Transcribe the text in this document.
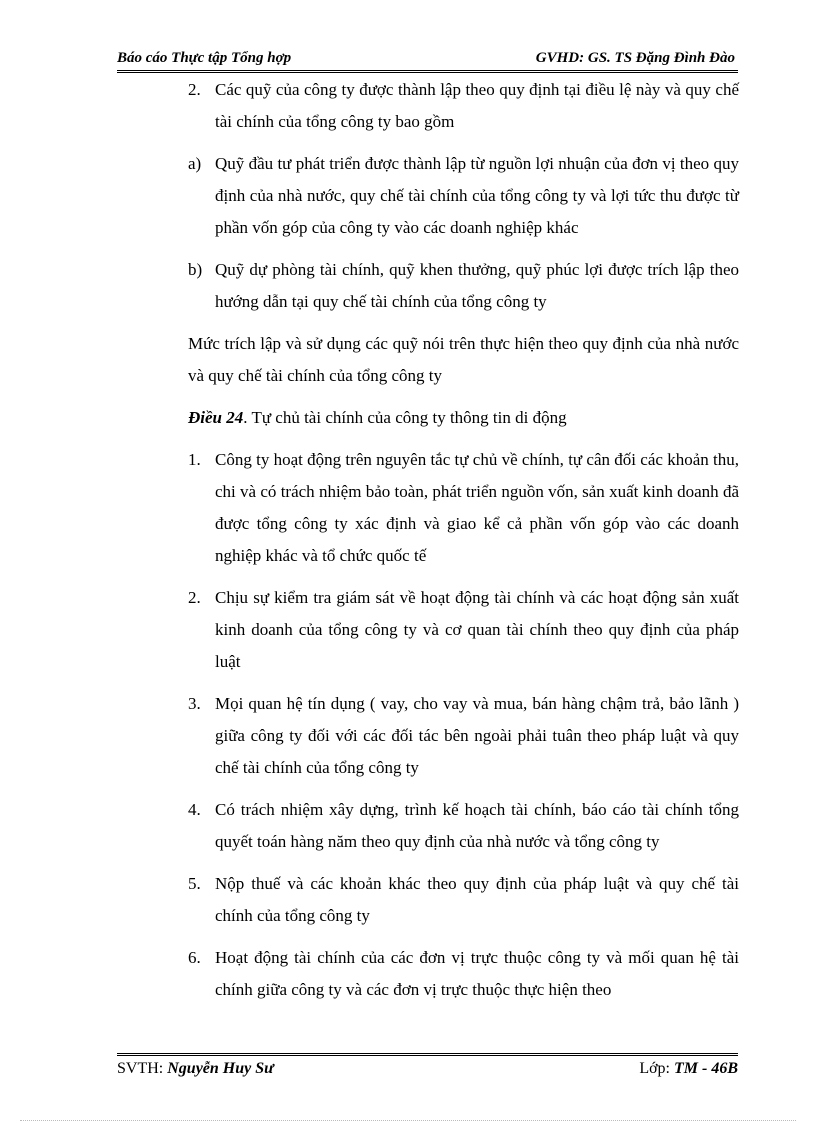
Báo cáo Thực tập Tổng hợp	GVHD: GS. TS Đặng Đình Đào
2. Các quỹ của công ty được thành lập theo quy định tại điều lệ này và quy chế tài chính của tổng công ty bao gồm
a) Quỹ đầu tư phát triển được thành lập từ nguồn lợi nhuận của đơn vị theo quy định của nhà nước, quy chế tài chính của tổng công ty và lợi tức thu được từ phần vốn góp của công ty vào các doanh nghiệp khác
b) Quỹ dự phòng tài chính, quỹ khen thưởng, quỹ phúc lợi được trích lập theo hướng dẫn tại quy chế tài chính của tổng công ty
Mức trích lập và sử dụng các quỹ nói trên thực hiện theo quy định của nhà nước và quy chế tài chính của tổng công ty
Điều 24. Tự chủ tài chính của công ty thông tin di động
1. Công ty hoạt động trên nguyên tắc tự chủ về chính, tự cân đối các khoản thu, chi và có trách nhiệm bảo toàn, phát triển nguồn vốn, sản xuất kinh doanh đã được tổng công ty xác định và giao kể cả phần vốn góp vào các doanh nghiệp khác và tổ chức quốc tế
2. Chịu sự kiểm tra giám sát về hoạt động tài chính và các hoạt động sản xuất kinh doanh của tổng công ty và cơ quan tài chính theo quy định của pháp luật
3. Mọi quan hệ tín dụng ( vay, cho vay và mua, bán hàng chậm trả, bảo lãnh ) giữa công ty đối với các đối tác bên ngoài phải tuân theo pháp luật và quy chế tài chính của tổng công ty
4. Có trách nhiệm xây dựng, trình kế hoạch tài chính, báo cáo tài chính tổng quyết toán hàng năm theo quy định của nhà nước và tổng công ty
5. Nộp thuế và các khoản khác theo quy định của pháp luật và quy chế tài chính của tổng công ty
6. Hoạt động tài chính của các đơn vị trực thuộc công ty và mối quan hệ tài chính giữa công ty và các đơn vị trực thuộc thực hiện theo
SVTH: Nguyễn Huy Sư	Lớp: TM - 46B
